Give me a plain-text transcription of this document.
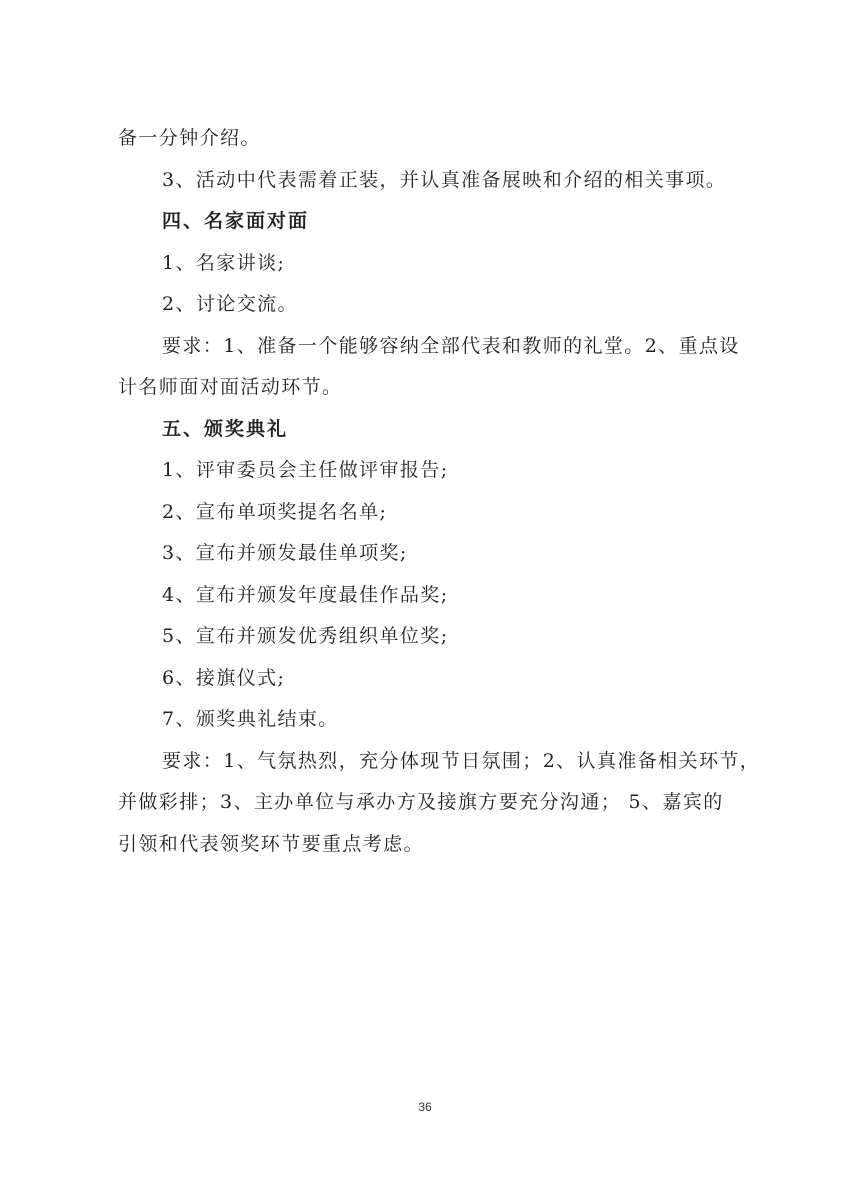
备一分钟介绍。
3、活动中代表需着正装，并认真准备展映和介绍的相关事项。
四、名家面对面
1、名家讲谈;
2、讨论交流。
要求：1、准备一个能够容纳全部代表和教师的礼堂。2、重点设
计名师面对面活动环节。
五、颁奖典礼
1、评审委员会主任做评审报告;
2、宣布单项奖提名名单;
3、宣布并颁发最佳单项奖;
4、宣布并颁发年度最佳作品奖;
5、宣布并颁发优秀组织单位奖;
6、接旗仪式;
7、颁奖典礼结束。
要求：1、气氛热烈，充分体现节日氛围；2、认真准备相关环节，
并做彩排；3、主办单位与承办方及接旗方要充分沟通； 5、嘉宾的
引领和代表领奖环节要重点考虑。
36
